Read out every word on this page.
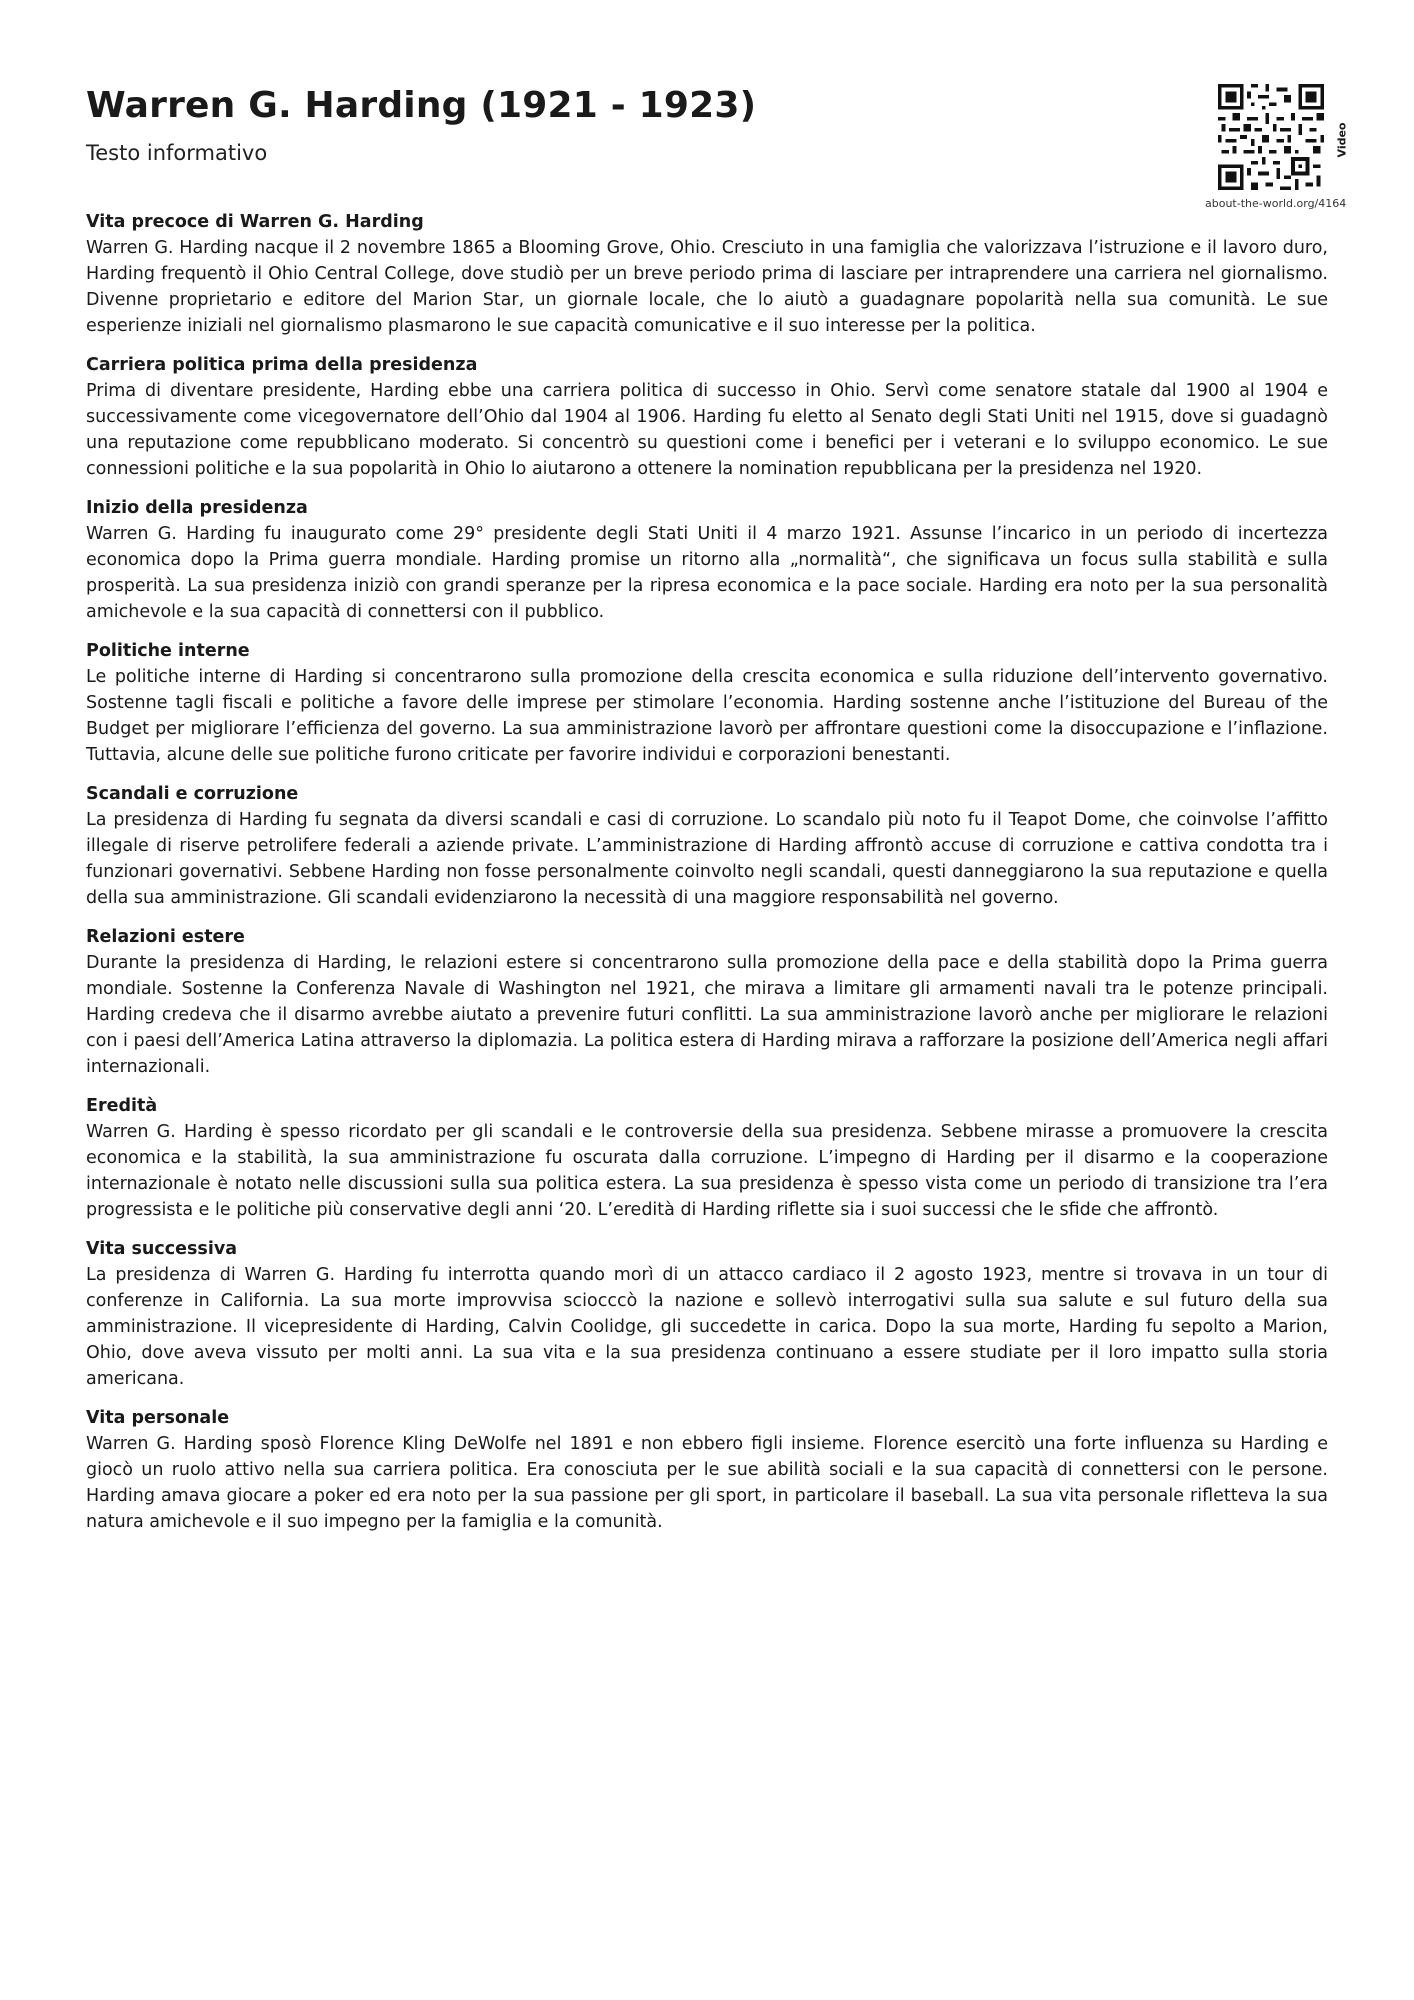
Warren G. Harding (1921 - 1923)
Testo informativo
about-the-world.org/4164
Video
Vita precoce di Warren G. Harding

Warren G. Harding nacque il 2 novembre 1865 a Blooming Grove, Ohio. Cresciuto in una famiglia che valorizzava l’istruzione e il lavoro duro, Harding frequentò il Ohio Central College, dove studiò per un breve periodo prima di lasciare per intraprendere una carriera nel giornalismo. Divenne proprietario e editore del Marion Star, un giornale locale, che lo aiutò a guadagnare popolarità nella sua comunità. Le sue esperienze iniziali nel giornalismo plasmarono le sue capacità comunicative e il suo interesse per la politica.

Carriera politica prima della presidenza

Prima di diventare presidente, Harding ebbe una carriera politica di successo in Ohio. Servì come senatore statale dal 1900 al 1904 e successivamente come vicegovernatore dell’Ohio dal 1904 al 1906. Harding fu eletto al Senato degli Stati Uniti nel 1915, dove si guadagnò una reputazione come repubblicano moderato. Si concentrò su questioni come i benefici per i veterani e lo sviluppo economico. Le sue connessioni politiche e la sua popolarità in Ohio lo aiutarono a ottenere la nomination repubblicana per la presidenza nel 1920.

Inizio della presidenza

Warren G. Harding fu inaugurato come 29° presidente degli Stati Uniti il 4 marzo 1921. Assunse l’incarico in un periodo di incertezza economica dopo la Prima guerra mondiale. Harding promise un ritorno alla „normalità“, che significava un focus sulla stabilità e sulla prosperità. La sua presidenza iniziò con grandi speranze per la ripresa economica e la pace sociale. Harding era noto per la sua personalità amichevole e la sua capacità di connettersi con il pubblico.

Politiche interne

Le politiche interne di Harding si concentrarono sulla promozione della crescita economica e sulla riduzione dell’intervento governativo. Sostenne tagli fiscali e politiche a favore delle imprese per stimolare l’economia. Harding sostenne anche l’istituzione del Bureau of the Budget per migliorare l’efficienza del governo. La sua amministrazione lavorò per affrontare questioni come la disoccupazione e l’inflazione. Tuttavia, alcune delle sue politiche furono criticate per favorire individui e corporazioni benestanti.

Scandali e corruzione

La presidenza di Harding fu segnata da diversi scandali e casi di corruzione. Lo scandalo più noto fu il Teapot Dome, che coinvolse l’affitto illegale di riserve petrolifere federali a aziende private. L’amministrazione di Harding affrontò accuse di corruzione e cattiva condotta tra i funzionari governativi. Sebbene Harding non fosse personalmente coinvolto negli scandali, questi danneggiarono la sua reputazione e quella della sua amministrazione. Gli scandali evidenziarono la necessità di una maggiore responsabilità nel governo.

Relazioni estere

Durante la presidenza di Harding, le relazioni estere si concentrarono sulla promozione della pace e della stabilità dopo la Prima guerra mondiale. Sostenne la Conferenza Navale di Washington nel 1921, che mirava a limitare gli armamenti navali tra le potenze principali. Harding credeva che il disarmo avrebbe aiutato a prevenire futuri conflitti. La sua amministrazione lavorò anche per migliorare le relazioni con i paesi dell’America Latina attraverso la diplomazia. La politica estera di Harding mirava a rafforzare la posizione dell’America negli affari internazionali.

Eredità

Warren G. Harding è spesso ricordato per gli scandali e le controversie della sua presidenza. Sebbene mirasse a promuovere la crescita economica e la stabilità, la sua amministrazione fu oscurata dalla corruzione. L’impegno di Harding per il disarmo e la cooperazione internazionale è notato nelle discussioni sulla sua politica estera. La sua presidenza è spesso vista come un periodo di transizione tra l’era progressista e le politiche più conservative degli anni ‘20. L’eredità di Harding riflette sia i suoi successi che le sfide che affrontò.

Vita successiva

La presidenza di Warren G. Harding fu interrotta quando morì di un attacco cardiaco il 2 agosto 1923, mentre si trovava in un tour di conferenze in California. La sua morte improvvisa sciocccò la nazione e sollevò interrogativi sulla sua salute e sul futuro della sua amministrazione. Il vicepresidente di Harding, Calvin Coolidge, gli succedette in carica. Dopo la sua morte, Harding fu sepolto a Marion, Ohio, dove aveva vissuto per molti anni. La sua vita e la sua presidenza continuano a essere studiate per il loro impatto sulla storia americana.

Vita personale

Warren G. Harding sposò Florence Kling DeWolfe nel 1891 e non ebbero figli insieme. Florence esercitò una forte influenza su Harding e giocò un ruolo attivo nella sua carriera politica. Era conosciuta per le sue abilità sociali e la sua capacità di connettersi con le persone. Harding amava giocare a poker ed era noto per la sua passione per gli sport, in particolare il baseball. La sua vita personale rifletteva la sua natura amichevole e il suo impegno per la famiglia e la comunità.
